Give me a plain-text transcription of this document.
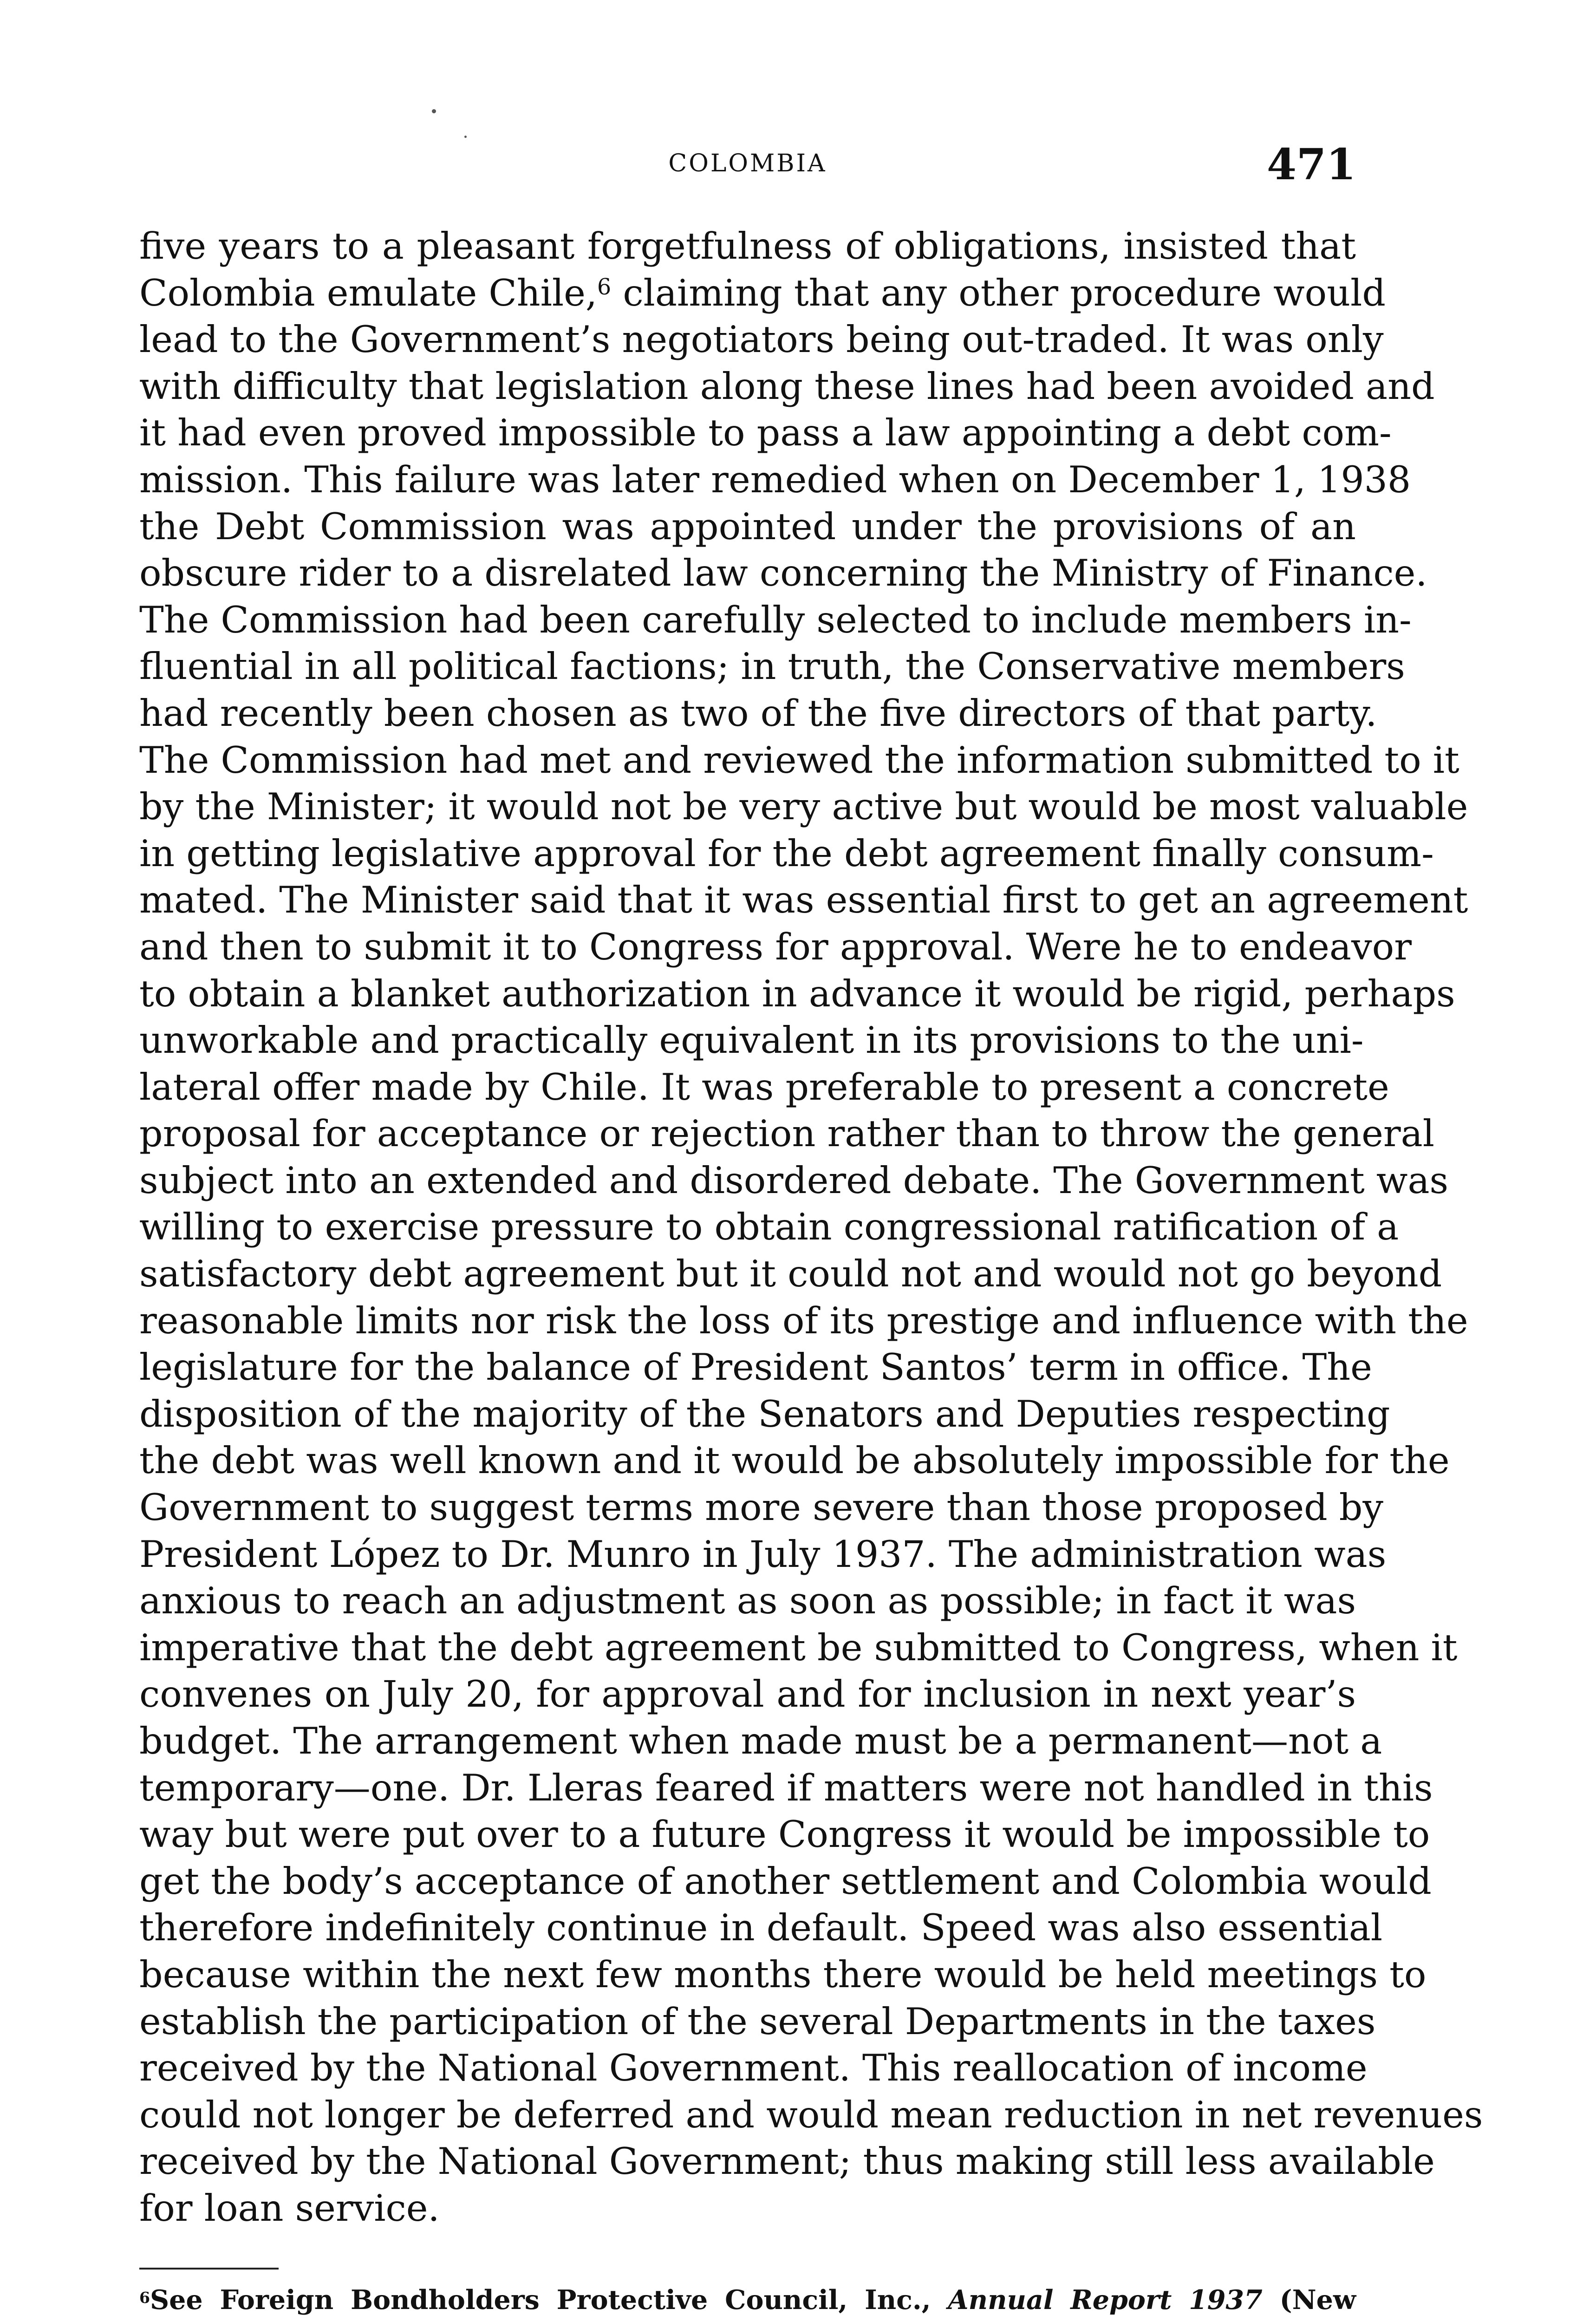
COLOMBIA	471
five years to a pleasant forgetfulness of obligations, insisted that
Colombia emulate Chile,$^6$ claiming that any other procedure would
lead to the Government’s negotiators being out-traded. It was only
with difficulty that legislation along these lines had been avoided and
it had even proved impossible to pass a law appointing a debt com-
mission. This failure was later remedied when on December 1, 1938
the Debt Commission was appointed under the provisions of an
obscure rider to a disrelated law concerning the Ministry of Finance.
The Commission had been carefully selected to include members in-
fluential in all political factions; in truth, the Conservative members
had recently been chosen as two of the five directors of that party.
The Commission had met and reviewed the information submitted to it
by the Minister; it would not be very active but would be most valuable
in getting legislative approval for the debt agreement finally consum-
mated. The Minister said that it was essential first to get an agreement
and then to submit it to Congress for approval. Were he to endeavor
to obtain a blanket authorization in advance it would be rigid, perhaps
unworkable and practically equivalent in its provisions to the uni-
lateral offer made by Chile. It was preferable to present a concrete
proposal for acceptance or rejection rather than to throw the general
subject into an extended and disordered debate. The Government was
willing to exercise pressure to obtain congressional ratification of a
satisfactory debt agreement but it could not and would not go beyond
reasonable limits nor risk the loss of its prestige and influence with the
legislature for the balance of President Santos’ term in office. The
disposition of the majority of the Senators and Deputies respecting
the debt was well known and it would be absolutely impossible for the
Government to suggest terms more severe than those proposed by
President López to Dr. Munro in July 1937. The administration was
anxious to reach an adjustment as soon as possible; in fact it was
imperative that the debt agreement be submitted to Congress, when it
convenes on July 20, for approval and for inclusion in next year’s
budget. The arrangement when made must be a permanent—not a
temporary—one. Dr. Lleras feared if matters were not handled in this
way but were put over to a future Congress it would be impossible to
get the body’s acceptance of another settlement and Colombia would
therefore indefinitely continue in default. Speed was also essential
because within the next few months there would be held meetings to
establish the participation of the several Departments in the taxes
received by the National Government. This reallocation of income
could not longer be deferred and would mean reduction in net revenues
received by the National Government; thus making still less available
for loan service.
$^6$See Foreign Bondholders Protective Council, Inc., Annual Report 1937 (New
